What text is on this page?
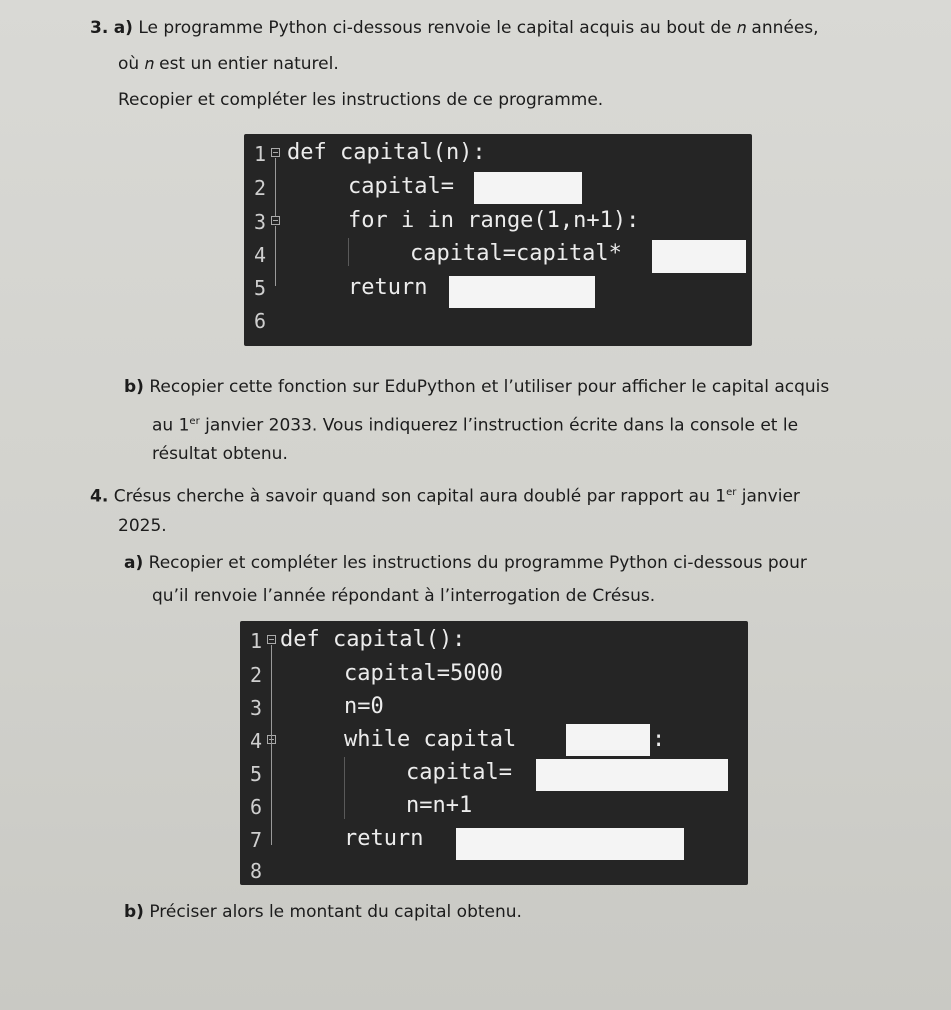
3. a) Le programme Python ci-dessous renvoie le capital acquis au bout de 𝑛 années,
où 𝑛 est un entier naturel.
Recopier et compléter les instructions de ce programme.
1
2
3
4
5
6
def capital(n):
capital=
for i in range(1,n+1):
capital=capital*
return
b) Recopier cette fonction sur EduPython et l’utiliser pour afficher le capital acquis
au 1er janvier 2033. Vous indiquerez l’instruction écrite dans la console et le
résultat obtenu.
4. Crésus cherche à savoir quand son capital aura doublé par rapport au 1er janvier
2025.
a) Recopier et compléter les instructions du programme Python ci-dessous pour
qu’il renvoie l’année répondant à l’interrogation de Crésus.
1
2
3
4
5
6
7
8
def capital():
capital=5000
n=0
while capital	:
capital=
n=n+1
return
b) Préciser alors le montant du capital obtenu.
